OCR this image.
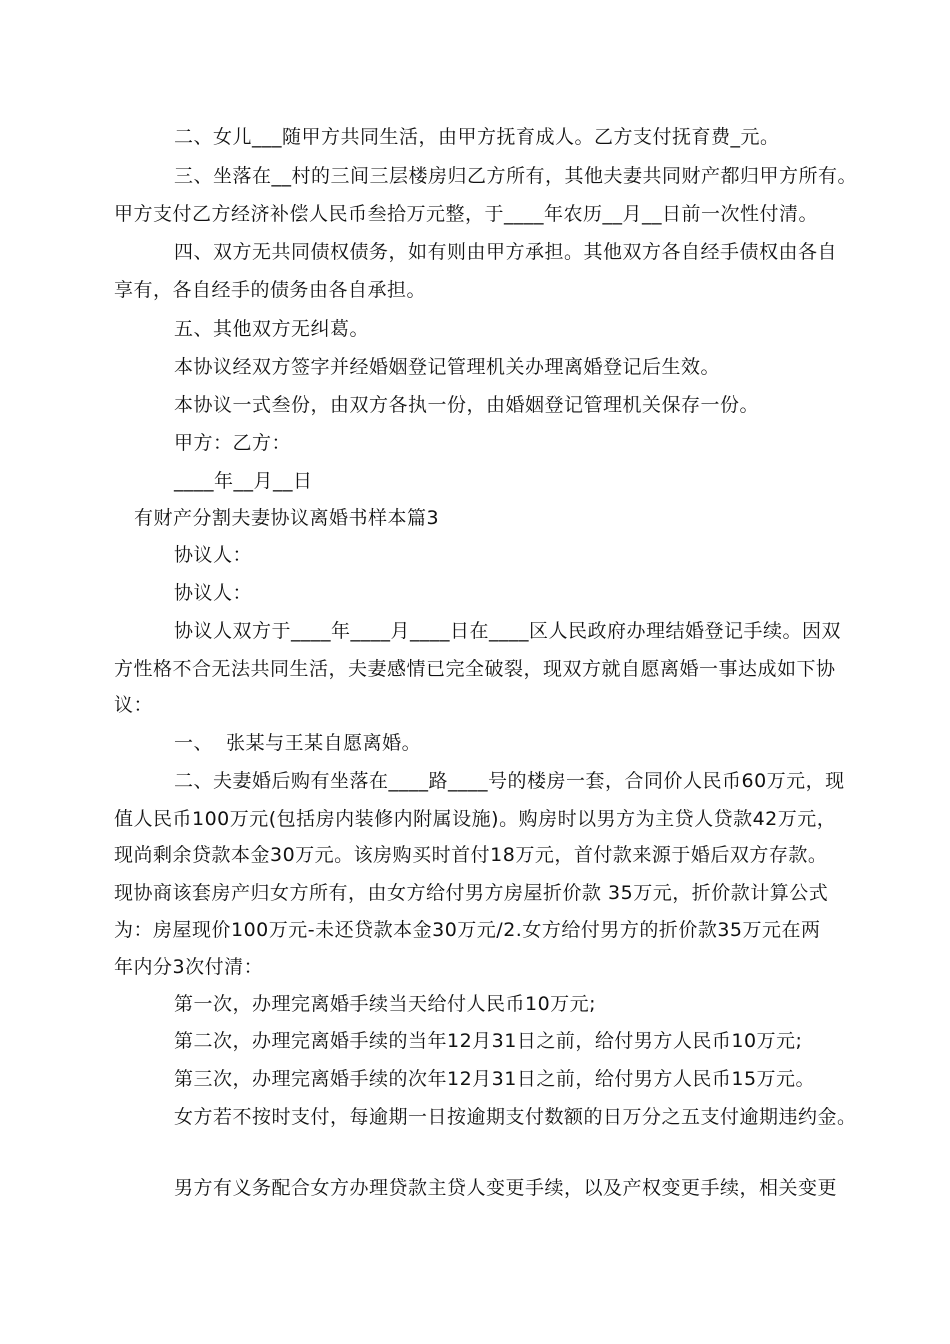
二、女儿___随甲方共同生活，由甲方抚育成人。乙方支付抚育费_元。
三、坐落在__村的三间三层楼房归乙方所有，其他夫妻共同财产都归甲方所有。
甲方支付乙方经济补偿人民币叁拾万元整，于____年农历__月__日前一次性付清。
四、双方无共同债权债务，如有则由甲方承担。其他双方各自经手债权由各自
享有，各自经手的债务由各自承担。
五、其他双方无纠葛。
本协议经双方签字并经婚姻登记管理机关办理离婚登记后生效。
本协议一式叁份，由双方各执一份，由婚姻登记管理机关保存一份。
甲方：乙方：
____年__月__日
有财产分割夫妻协议离婚书样本篇3
协议人：
协议人：
协议人双方于____年____月____日在____区人民政府办理结婚登记手续。因双
方性格不合无法共同生活，夫妻感情已完全破裂，现双方就自愿离婚一事达成如下协
议：
一、  张某与王某自愿离婚。
二、夫妻婚后购有坐落在____路____号的楼房一套，合同价人民币60万元，现
值人民币100万元(包括房内装修内附属设施)。购房时以男方为主贷人贷款42万元，
现尚剩余贷款本金30万元。该房购买时首付18万元，首付款来源于婚后双方存款。
现协商该套房产归女方所有，由女方给付男方房屋折价款 35万元，折价款计算公式
为：房屋现价100万元-未还贷款本金30万元/2.女方给付男方的折价款35万元在两
年内分3次付清：
第一次，办理完离婚手续当天给付人民币10万元;
第二次，办理完离婚手续的当年12月31日之前，给付男方人民币10万元;
第三次，办理完离婚手续的次年12月31日之前，给付男方人民币15万元。
女方若不按时支付，每逾期一日按逾期支付数额的日万分之五支付逾期违约金。
男方有义务配合女方办理贷款主贷人变更手续，以及产权变更手续，相关变更
